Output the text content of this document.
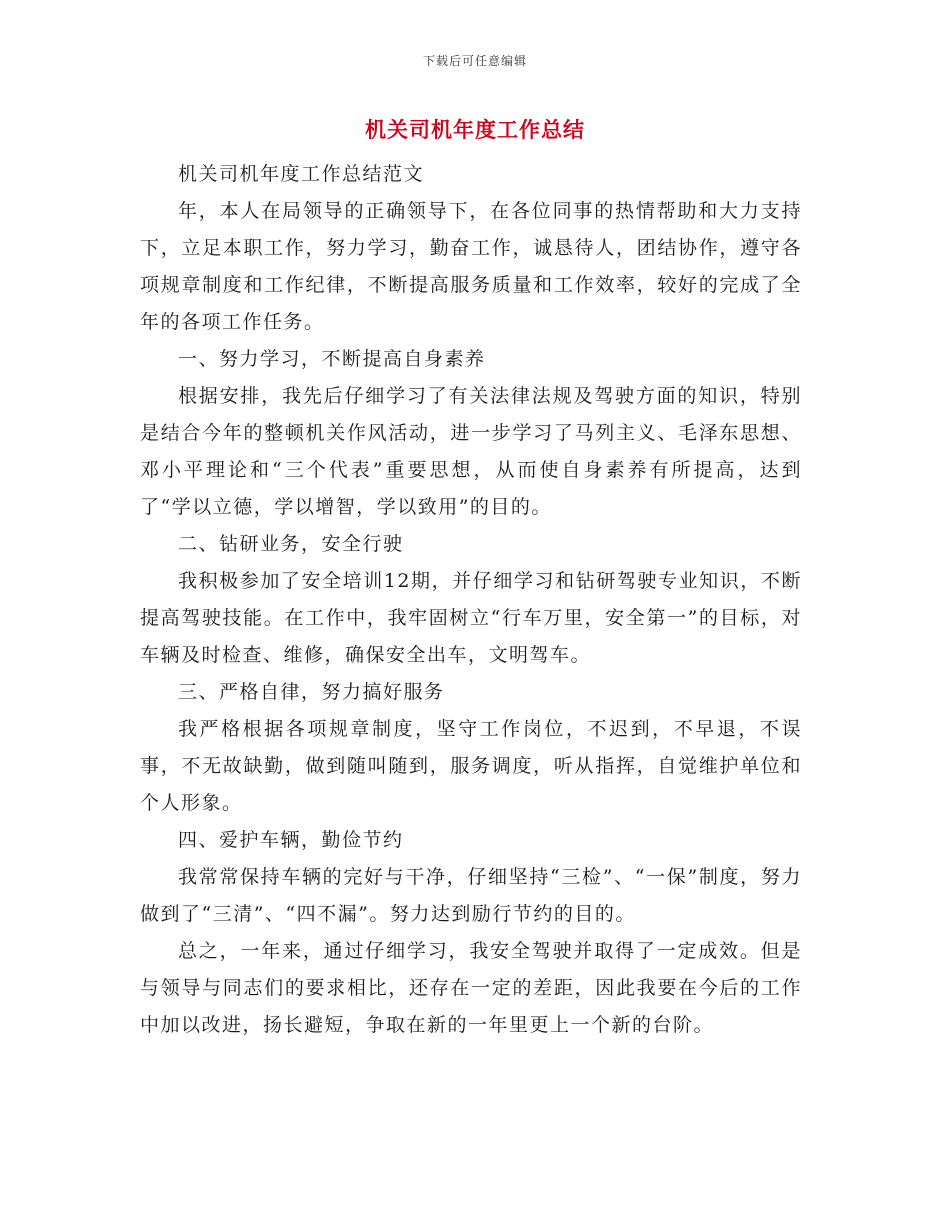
下载后可任意编辑
机关司机年度工作总结

机关司机年度工作总结范文

年，本人在局领导的正确领导下，在各位同事的热情帮助和大力支持下，立足本职工作，努力学习，勤奋工作，诚恳待人，团结协作，遵守各项规章制度和工作纪律，不断提高服务质量和工作效率，较好的完成了全年的各项工作任务。

一、努力学习，不断提高自身素养

根据安排，我先后仔细学习了有关法律法规及驾驶方面的知识，特别是结合今年的整顿机关作风活动，进一步学习了马列主义、毛泽东思想、邓小平理论和“三个代表”重要思想，从而使自身素养有所提高，达到了“学以立德，学以增智，学以致用”的目的。

二、钻研业务，安全行驶

我积极参加了安全培训12期，并仔细学习和钻研驾驶专业知识，不断提高驾驶技能。在工作中，我牢固树立“行车万里，安全第一”的目标，对车辆及时检查、维修，确保安全出车，文明驾车。

三、严格自律，努力搞好服务

我严格根据各项规章制度，坚守工作岗位，不迟到，不早退，不误事，不无故缺勤，做到随叫随到，服务调度，听从指挥，自觉维护单位和个人形象。

四、爱护车辆，勤俭节约

我常常保持车辆的完好与干净，仔细坚持“三检”、“一保”制度，努力做到了“三清”、“四不漏”。努力达到励行节约的目的。

总之，一年来，通过仔细学习，我安全驾驶并取得了一定成效。但是与领导与同志们的要求相比，还存在一定的差距，因此我要在今后的工作中加以改进，扬长避短，争取在新的一年里更上一个新的台阶。
